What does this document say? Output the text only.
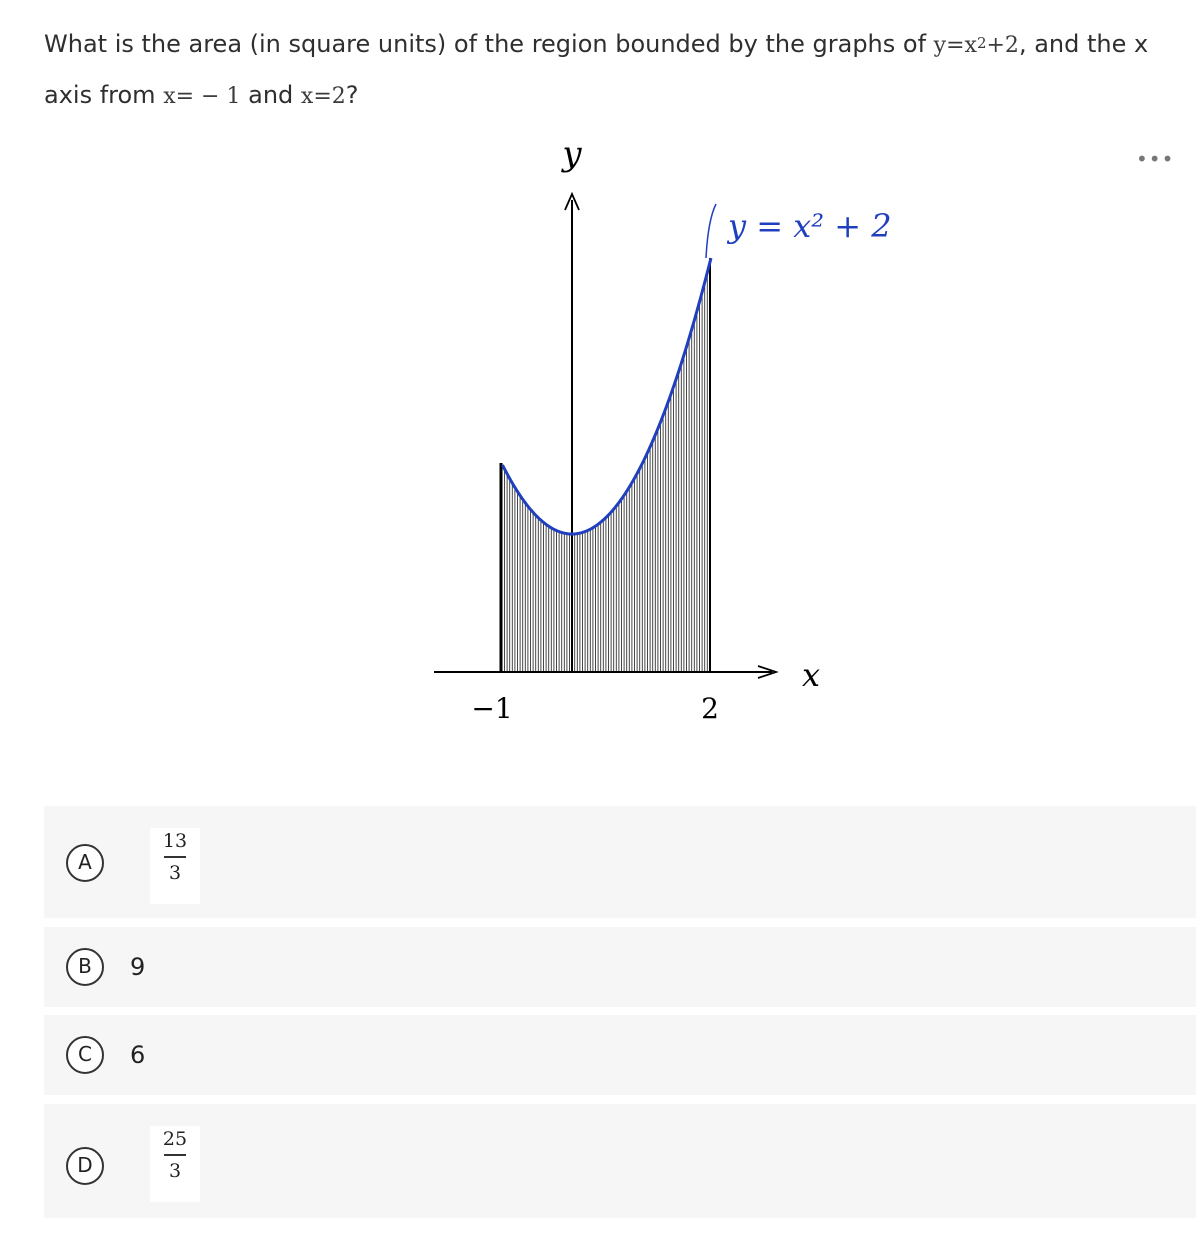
What is the area (in square units) of the region bounded by the graphs of $y=x^2+2$, and the x axis from x= − 1 and x=2?
•••
y
x
y = x² + 2
−1	2
A
13
3
B	9
C	6
D
25
3
